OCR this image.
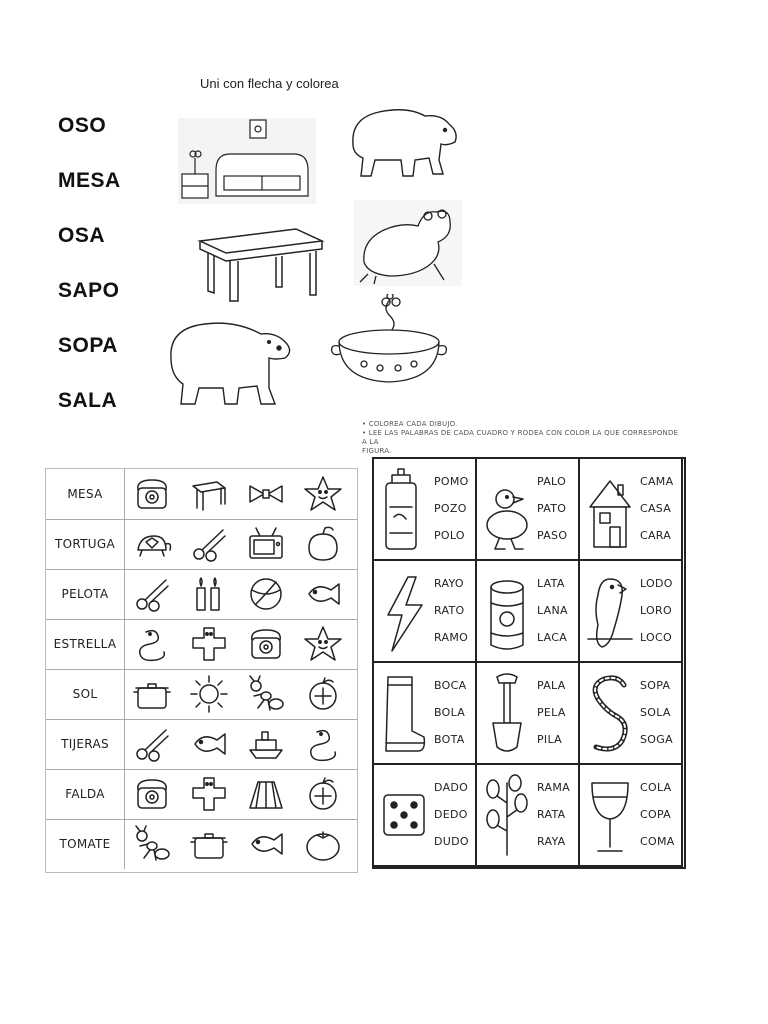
Uni con flecha y colorea
OSO
MESA
OSA
SAPO
SOPA
SALA
MESA
TORTUGA
PELOTA
ESTRELLA
SOL
TIJERAS
FALDA
TOMATE
• COLOREA CADA DIBUJO.
• LEE LAS PALABRAS DE CADA CUADRO Y RODEA CON COLOR LA QUE CORRESPONDE A LA
FIGURA.
POMO
POZO
POLO
PALO
PATO
PASO
CAMA
CASA
CARA
RAYO
RATO
RAMO
LATA
LANA
LACA
LODO
LORO
LOCO
BOCA
BOLA
BOTA
PALA
PELA
PILA
SOPA
SOLA
SOGA
DADO
DEDO
DUDO
RAMA
RATA
RAYA
COLA
COPA
COMA
